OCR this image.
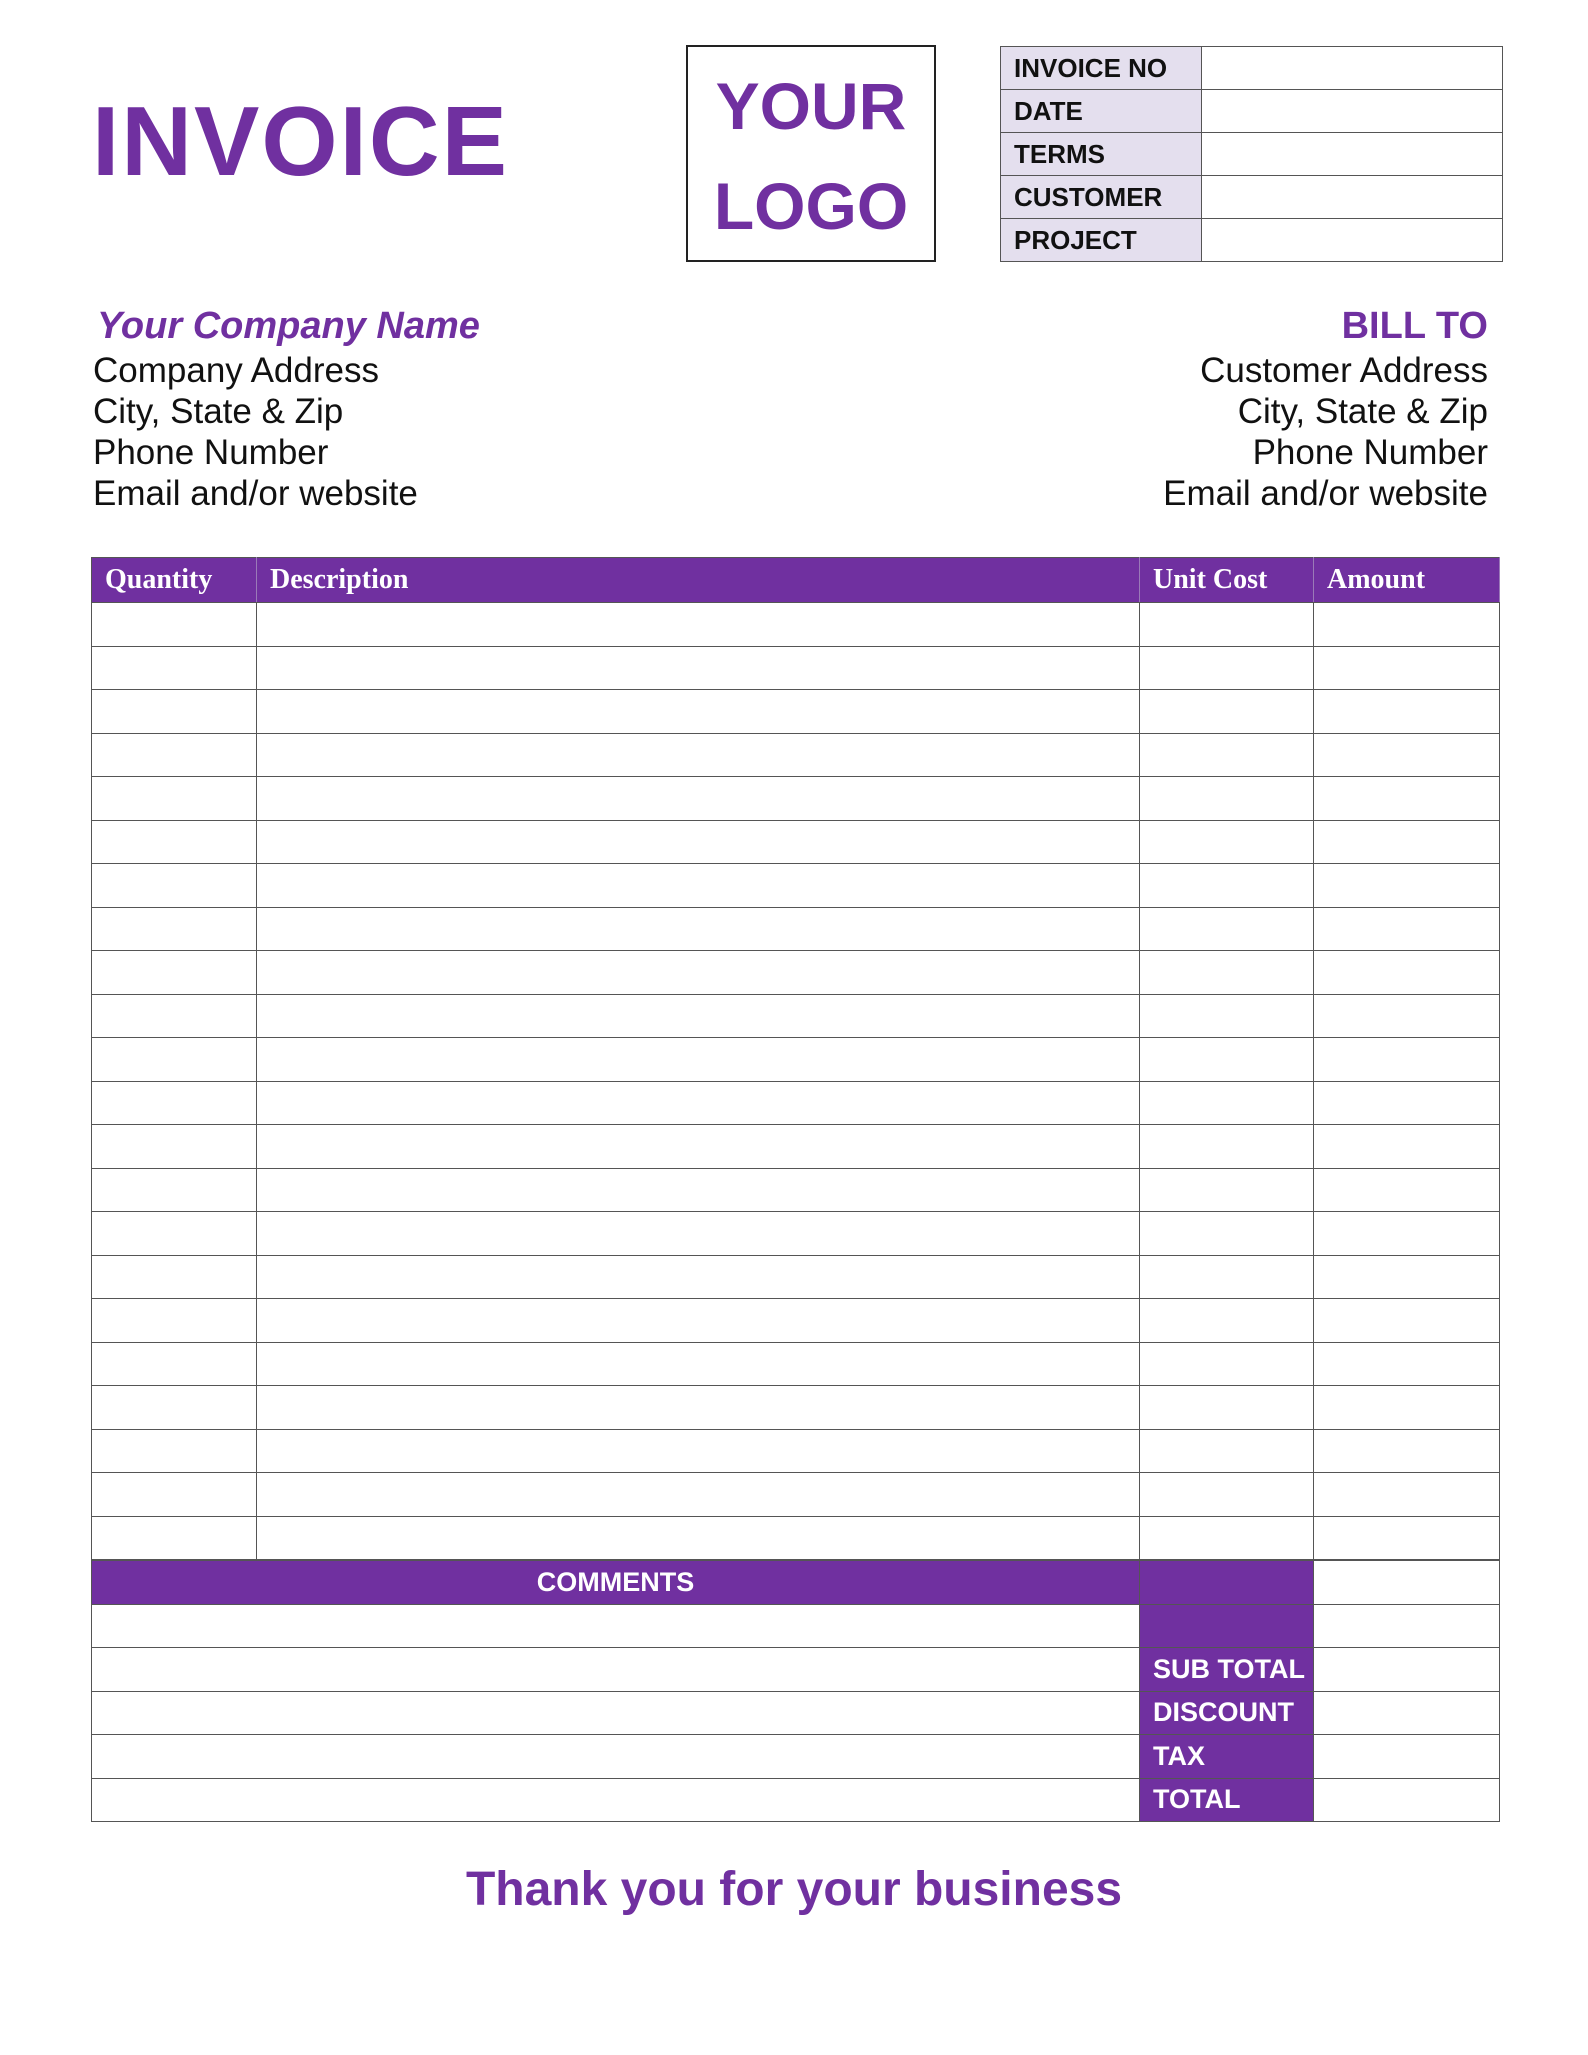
INVOICE	YOUR
LOGO
INVOICE NO	
DATE	
TERMS	
CUSTOMER	
PROJECT	
Your Company Name
Company Address
City, State & Zip
Phone Number
Email and/or website
BILL TO
Customer Address
City, State & Zip
Phone Number
Email and/or website
Quantity	Description	Unit Cost	Amount

COMMENTS		

	SUB TOTAL	
	DISCOUNT	
	TAX	
	TOTAL	
Thank you for your business
